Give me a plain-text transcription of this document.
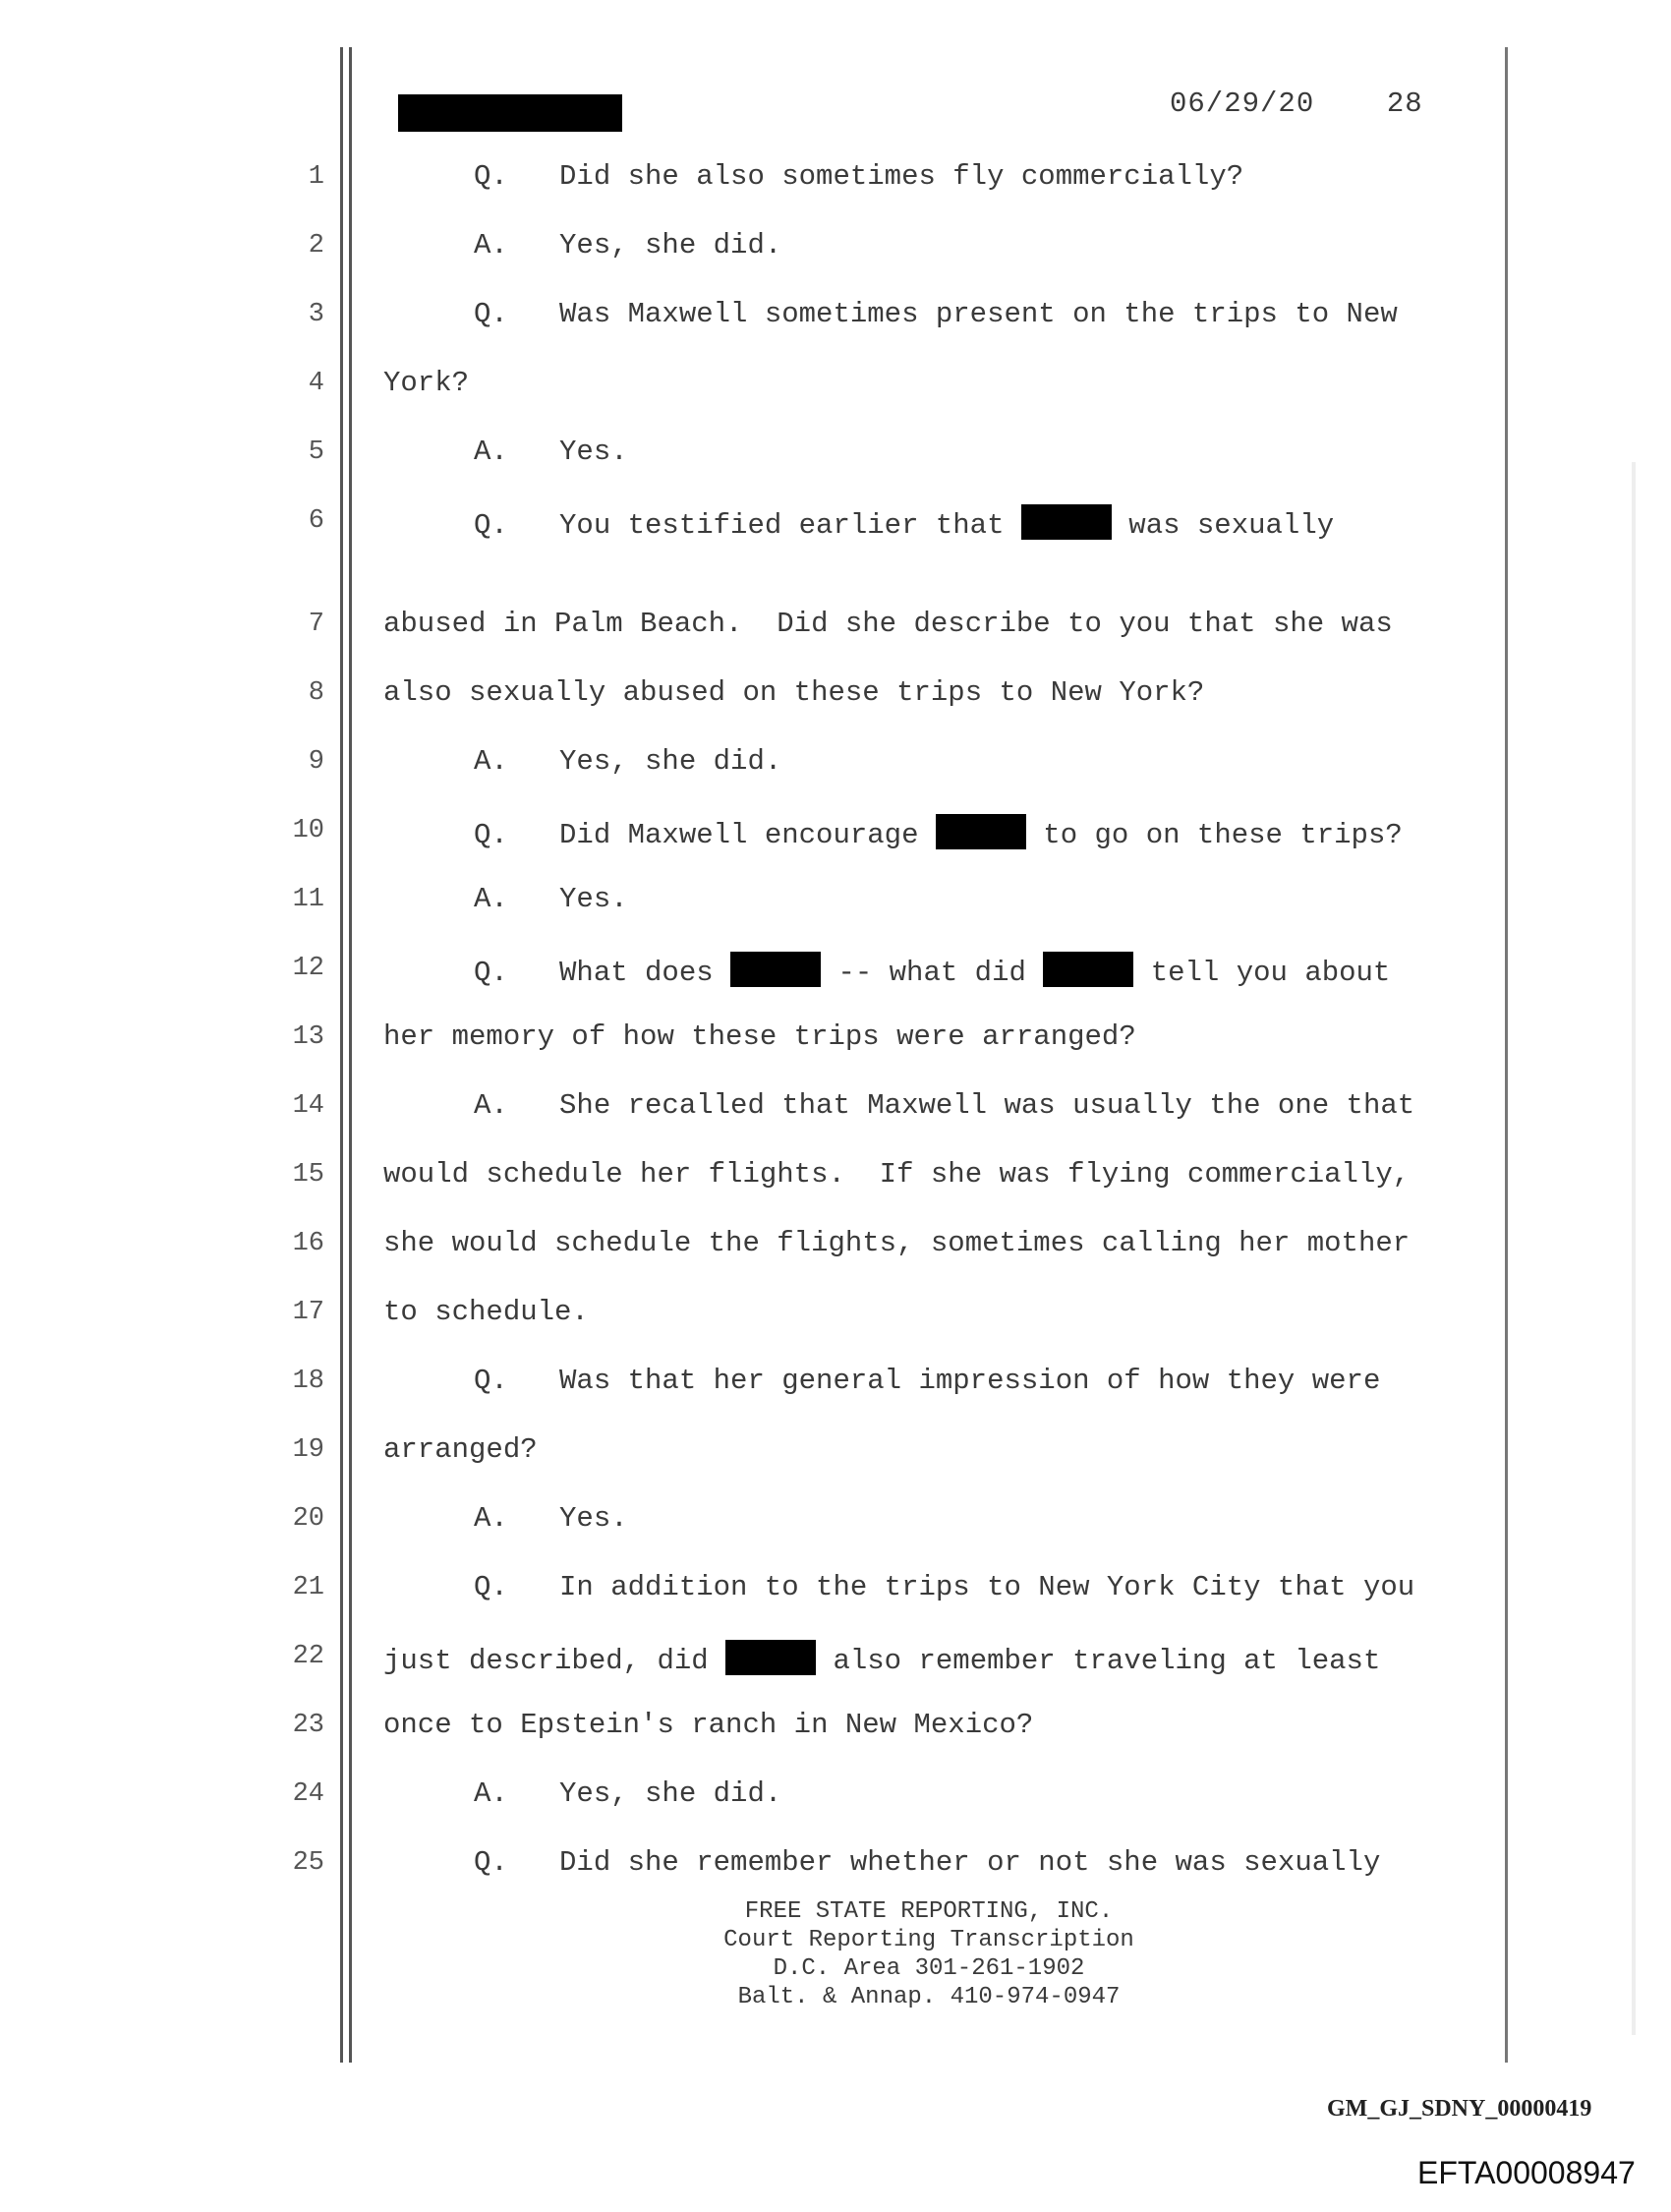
06/29/20	28
1	Q.   Did she also sometimes fly commercially?
2	A.   Yes, she did.
3	Q.   Was Maxwell sometimes present on the trips to New
4 York?
5	A.   Yes.
6	Q.   You testified earlier that	was sexually
7 abused in Palm Beach.  Did she describe to you that she was
8 also sexually abused on these trips to New York?
9	A.   Yes, she did.
10	Q.   Did Maxwell encourage	to go on these trips?
11	A.   Yes.
12	Q.   What does	-- what did	tell you about
13 her memory of how these trips were arranged?
14	A.   She recalled that Maxwell was usually the one that
15 would schedule her flights.  If she was flying commercially,
16 she would schedule the flights, sometimes calling her mother
17 to schedule.
18	Q.   Was that her general impression of how they were
19 arranged?
20	A.   Yes.
21	Q.   In addition to the trips to New York City that you
22 just described, did	also remember traveling at least
23 once to Epstein's ranch in New Mexico?
24	A.   Yes, she did.
25	Q.   Did she remember whether or not she was sexually
FREE STATE REPORTING, INC.
Court Reporting Transcription
D.C. Area 301-261-1902
Balt. & Annap. 410-974-0947
GM_GJ_SDNY_00000419
EFTA00008947
